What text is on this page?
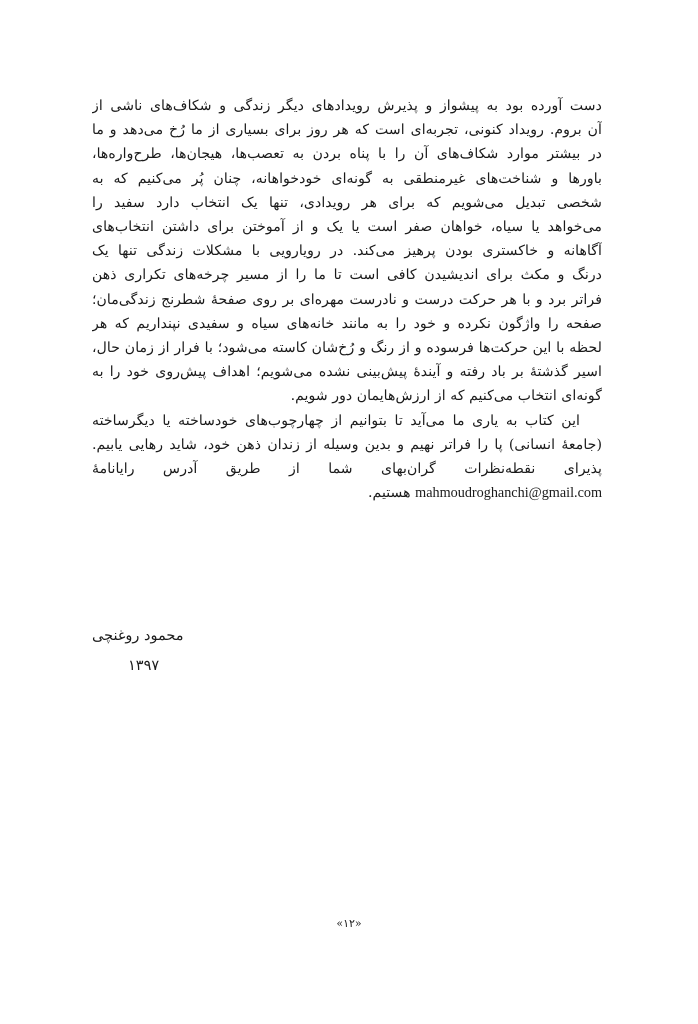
دست آورده بود به پیشواز و پذیرش رویدادهای دیگر زندگی و شکاف‌های ناشی از
آن بروم. رویداد کنونی، تجربه‌ای است که هر روز برای بسیاری از ما رُخ می‌دهد و ما
در بیشتر موارد شکاف‌های آن را با پناه بردن به تعصب‌ها، هیجان‌ها، طرح‌واره‌ها،
باورها و شناخت‌های غیرمنطقی به گونه‌ای خودخواهانه، چنان پُر می‌کنیم که به
شخصی تبدیل می‌شویم که برای هر رویدادی، تنها یک انتخاب دارد سفید را
می‌خواهد یا سیاه، خواهان صفر است یا یک و از آموختن برای داشتن انتخاب‌های
آگاهانه و خاکستری بودن پرهیز می‌کند. در رویارویی با مشکلات زندگی تنها یک
درنگ و مکث برای اندیشیدن کافی است تا ما را از مسیر چرخه‌های تکراری ذهن
فراتر برد و با هر حرکت درست و نادرست مهره‌ای بر روی صفحهٔ شطرنج زندگی‌مان؛
صفحه را واژگون نکرده و خود را به مانند خانه‌های سیاه و سفیدی نپنداریم که هر
لحظه با این حرکت‌ها فرسوده و از رنگ و رُخ‌شان کاسته می‌شود؛ با فرار از زمان حال،
اسیر گذشتهٔ بر باد رفته و آیندهٔ پیش‌بینی نشده می‌شویم؛ اهداف پیش‌روی خود را به
گونه‌ای انتخاب می‌کنیم که از ارزش‌هایمان دور شویم.
این کتاب به یاری ما می‌آید تا بتوانیم از چهارچوب‌های خودساخته یا دیگرساخته
(جامعهٔ انسانی) پا را فراتر نهیم و بدین وسیله از زندان ذهن خود، شاید رهایی یابیم.
پذیرای نقطه‌نظرات گران‌بهای شما از طریق آدرس رایانامهٔ
mahmoudroghanchi@gmail.com هستیم.
محمود روغنچی
۱۳۹۷
«۱۲»
